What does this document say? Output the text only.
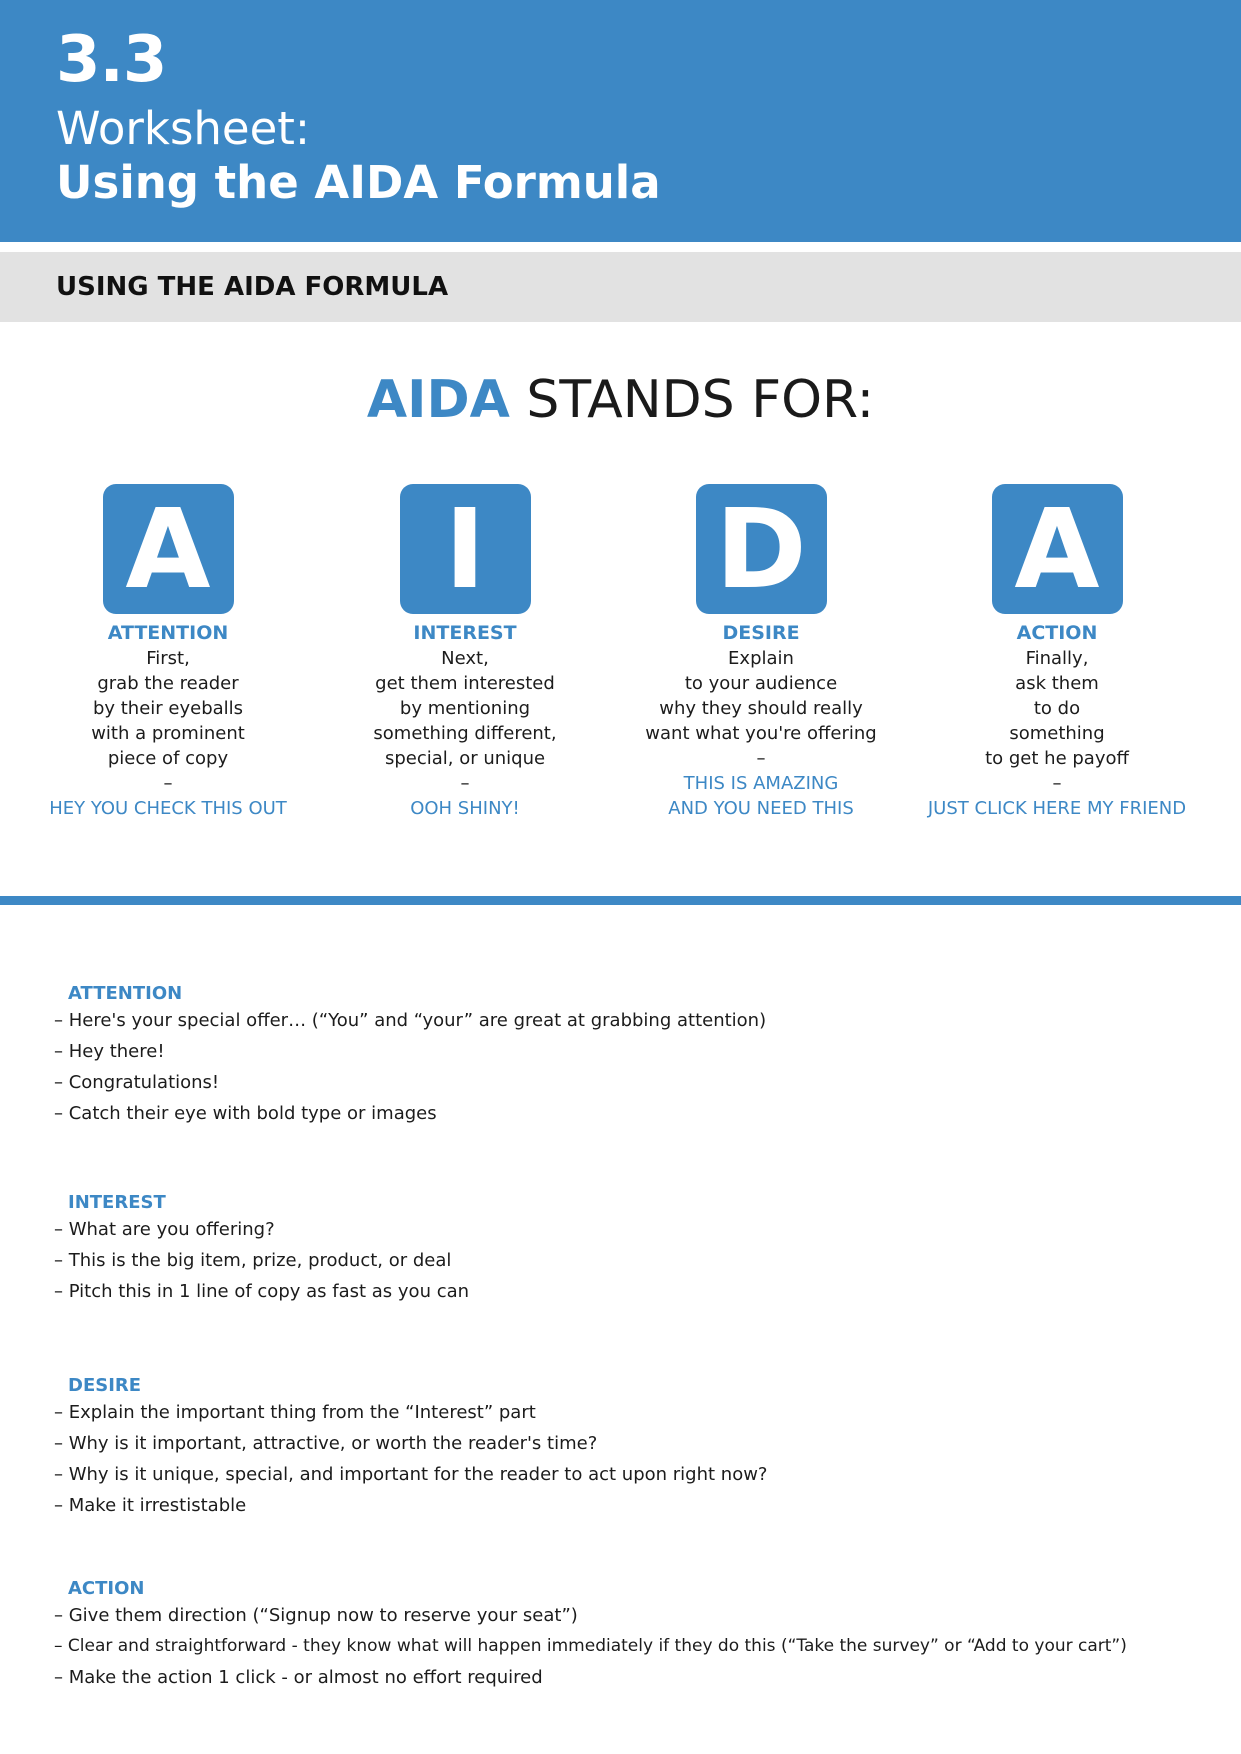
3.3
Worksheet:
Using the AIDA Formula
USING THE AIDA FORMULA
AIDA STANDS FOR:
A
ATTENTION
First,
grab the reader
by their eyeballs
with a prominent
piece of copy
–
HEY YOU CHECK THIS OUT
I
INTEREST
Next,
get them interested
by mentioning
something different,
special, or unique
–
OOH SHINY!
D
DESIRE
Explain
to your audience
why they should really
want what you're offering
–
THIS IS AMAZING
AND YOU NEED THIS
A
ACTION
Finally,
ask them
to do
something
to get he payoff
–
JUST CLICK HERE MY FRIEND
ATTENTION
– Here's your special offer… (“You” and “your” are great at grabbing attention)
– Hey there!
– Congratulations!
– Catch their eye with bold type or images
INTEREST
– What are you offering?
– This is the big item, prize, product, or deal
– Pitch this in 1 line of copy as fast as you can
DESIRE
– Explain the important thing from the “Interest” part
– Why is it important, attractive, or worth the reader's time?
– Why is it unique, special, and important for the reader to act upon right now?
– Make it irrestistable
ACTION
– Give them direction (“Signup now to reserve your seat”)
– Clear and straightforward - they know what will happen immediately if they do this (“Take the survey” or “Add to your cart”)
– Make the action 1 click - or almost no effort required
